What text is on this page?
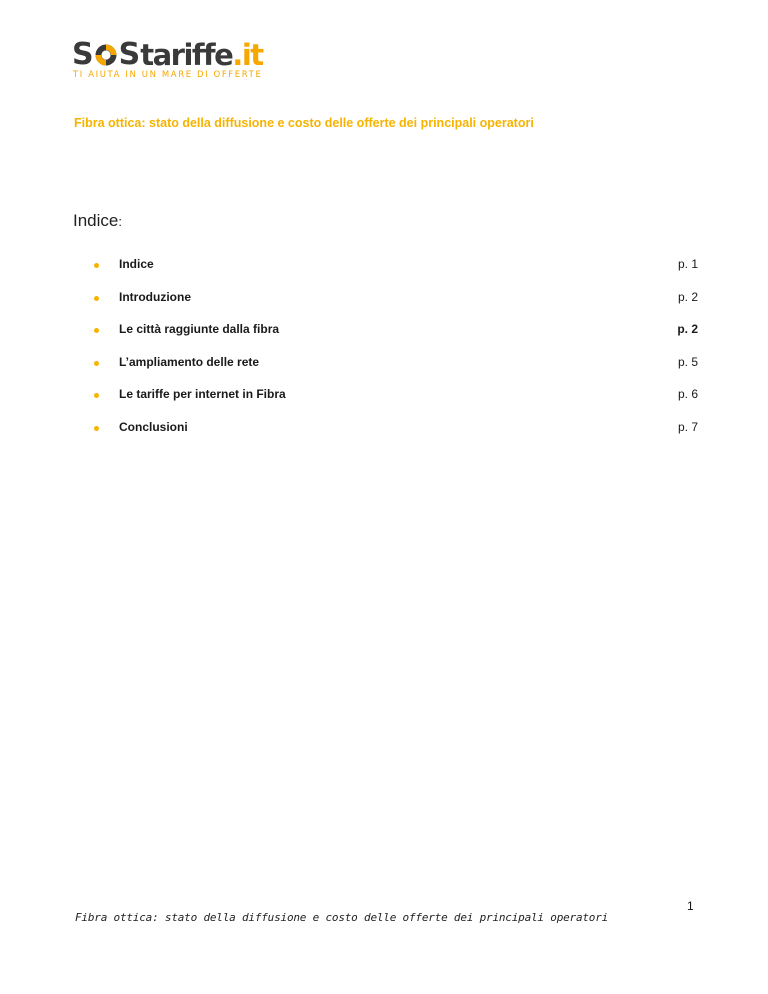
S S tariffe.it
TI AIUTA IN UN MARE DI OFFERTE
Fibra ottica: stato della diffusione e costo delle offerte dei principali operatori
Indice:
Indice	p. 1
Introduzione	p. 2
Le città raggiunte dalla fibra	p. 2
L’ampliamento delle rete	p. 5
Le tariffe per internet in Fibra	p. 6
Conclusioni	p. 7
1
Fibra ottica: stato della diffusione e costo delle offerte dei principali operatori
